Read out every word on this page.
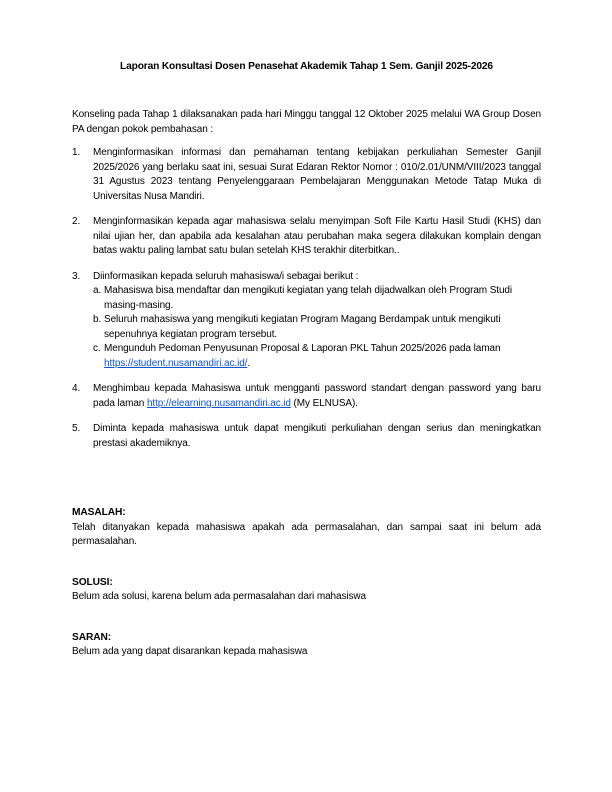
Laporan Konsultasi Dosen Penasehat Akademik Tahap 1 Sem. Ganjil 2025-2026

Konseling pada Tahap 1 dilaksanakan pada hari Minggu tanggal 12 Oktober 2025 melalui WA Group Dosen PA dengan pokok pembahasan :

1.	Menginformasikan informasi dan pemahaman tentang kebijakan perkuliahan Semester Ganjil 2025/2026 yang berlaku saat ini, sesuai Surat Edaran Rektor Nomor : 010/2.01/UNM/VIII/2023 tanggal 31 Agustus 2023 tentang Penyelenggaraan Pembelajaran Menggunakan Metode Tatap Muka di Universitas Nusa Mandiri.
2.	Menginformasikan kepada agar mahasiswa selalu menyimpan Soft File Kartu Hasil Studi (KHS) dan nilai ujian her, dan apabila ada kesalahan atau perubahan maka segera dilakukan komplain dengan batas waktu paling lambat satu bulan setelah KHS terakhir diterbitkan..
3.	Diinformasikan kepada seluruh mahasiswa/i sebagai berikut :
a. Mahasiswa bisa mendaftar dan mengikuti kegiatan yang telah dijadwalkan oleh Program Studi masing-masing.
b. Seluruh mahasiswa yang mengikuti kegiatan Program Magang Berdampak untuk mengikuti sepenuhnya kegiatan program tersebut.
c. Mengunduh Pedoman Penyusunan Proposal & Laporan PKL Tahun 2025/2026 pada laman https://student.nusamandiri.ac.id/.
4.	Menghimbau kepada Mahasiswa untuk mengganti password standart dengan password yang baru pada laman http://elearning.nusamandiri.ac.id (My ELNUSA).
5.	Diminta kepada mahasiswa untuk dapat mengikuti perkuliahan dengan serius dan meningkatkan prestasi akademiknya.

MASALAH:

Telah ditanyakan kepada mahasiswa apakah ada permasalahan, dan sampai saat ini belum ada permasalahan.

SOLUSI:

Belum ada solusi, karena belum ada permasalahan dari mahasiswa

SARAN:

Belum ada yang dapat disarankan kepada mahasiswa
